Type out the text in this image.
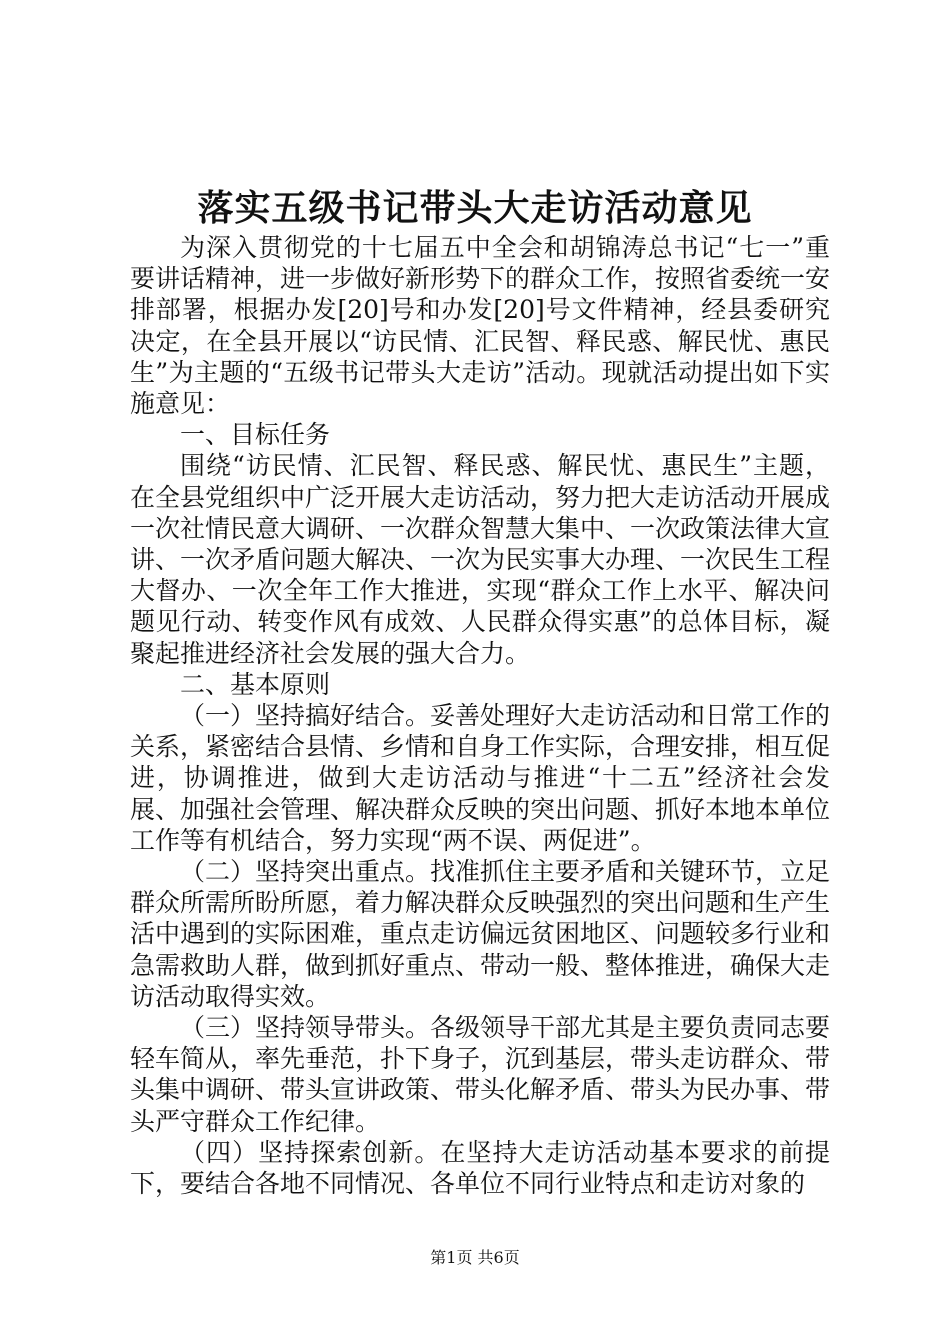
落实五级书记带头大走访活动意见

为深入贯彻党的十七届五中全会和胡锦涛总书记“七一”重要讲话精神，进一步做好新形势下的群众工作，按照省委统一安排部署，根据办发[20]号和办发[20]号文件精神，经县委研究决定，在全县开展以“访民情、汇民智、释民惑、解民忧、惠民生”为主题的“五级书记带头大走访”活动。现就活动提出如下实施意见：

一、目标任务

围绕“访民情、汇民智、释民惑、解民忧、惠民生”主题，在全县党组织中广泛开展大走访活动，努力把大走访活动开展成一次社情民意大调研、一次群众智慧大集中、一次政策法律大宣讲、一次矛盾问题大解决、一次为民实事大办理、一次民生工程大督办、一次全年工作大推进，实现“群众工作上水平、解决问题见行动、转变作风有成效、人民群众得实惠”的总体目标，凝聚起推进经济社会发展的强大合力。

二、基本原则

（一）坚持搞好结合。妥善处理好大走访活动和日常工作的关系，紧密结合县情、乡情和自身工作实际，合理安排，相互促进，协调推进，做到大走访活动与推进“十二五”经济社会发展、加强社会管理、解决群众反映的突出问题、抓好本地本单位工作等有机结合，努力实现“两不误、两促进”。

（二）坚持突出重点。找准抓住主要矛盾和关键环节，立足群众所需所盼所愿，着力解决群众反映强烈的突出问题和生产生活中遇到的实际困难，重点走访偏远贫困地区、问题较多行业和急需救助人群，做到抓好重点、带动一般、整体推进，确保大走访活动取得实效。

（三）坚持领导带头。各级领导干部尤其是主要负责同志要轻车简从，率先垂范，扑下身子，沉到基层，带头走访群众、带头集中调研、带头宣讲政策、带头化解矛盾、带头为民办事、带头严守群众工作纪律。

（四）坚持探索创新。在坚持大走访活动基本要求的前提下，要结合各地不同情况、各单位不同行业特点和走访对象的

第1页 共6页
